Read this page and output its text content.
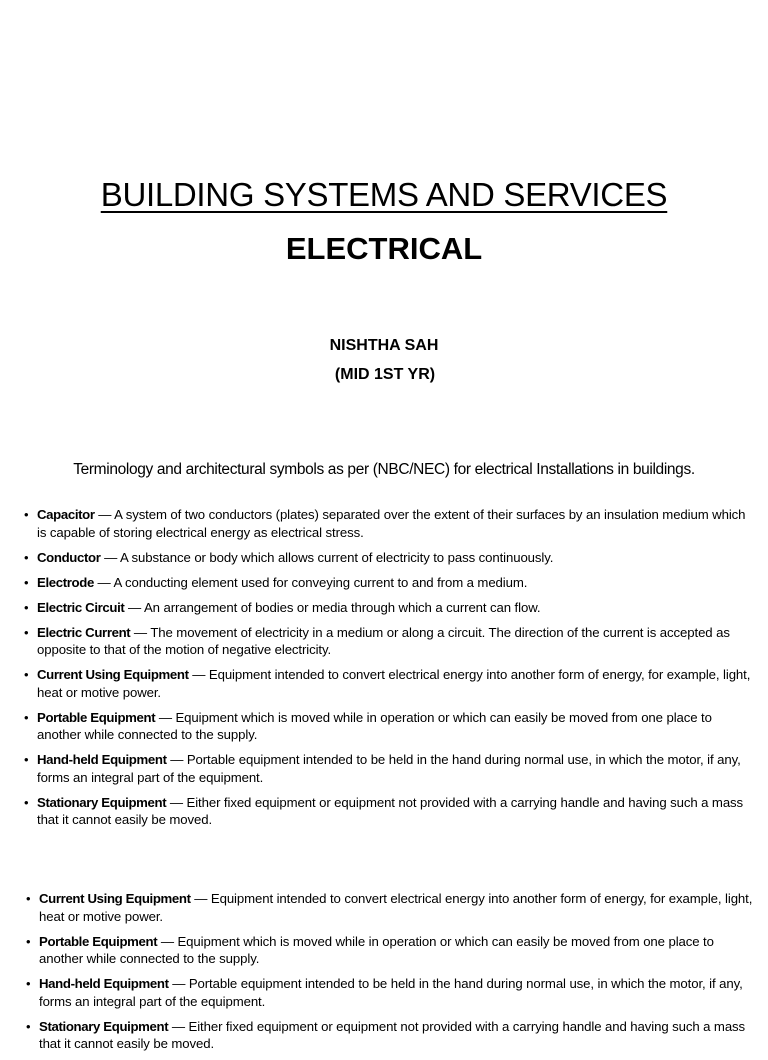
BUILDING SYSTEMS AND SERVICES
ELECTRICAL
NISHTHA SAH
(MID 1ST YR)
Terminology and architectural symbols as per (NBC/NEC) for electrical Installations in buildings.
• Capacitor — A system of two conductors (plates) separated over the extent of their surfaces by an insulation medium which is capable of storing electrical energy as electrical stress.
• Conductor — A substance or body which allows current of electricity to pass continuously.
• Electrode — A conducting element used for conveying current to and from a medium.
• Electric Circuit — An arrangement of bodies or media through which a current can flow.
• Electric Current — The movement of electricity in a medium or along a circuit. The direction of the current is accepted as opposite to that of the motion of negative electricity.
• Current Using Equipment — Equipment intended to convert electrical energy into another form of energy, for example, light, heat or motive power.
• Portable Equipment — Equipment which is moved while in operation or which can easily be moved from one place to another while connected to the supply.
• Hand-held Equipment — Portable equipment intended to be held in the hand during normal use, in which the motor, if any, forms an integral part of the equipment.
• Stationary Equipment — Either fixed equipment or equipment not provided with a carrying handle and having such a mass that it cannot easily be moved.
• Current Using Equipment — Equipment intended to convert electrical energy into another form of energy, for example, light, heat or motive power.
• Portable Equipment — Equipment which is moved while in operation or which can easily be moved from one place to another while connected to the supply.
• Hand-held Equipment — Portable equipment intended to be held in the hand during normal use, in which the motor, if any, forms an integral part of the equipment.
• Stationary Equipment — Either fixed equipment or equipment not provided with a carrying handle and having such a mass that it cannot easily be moved.
